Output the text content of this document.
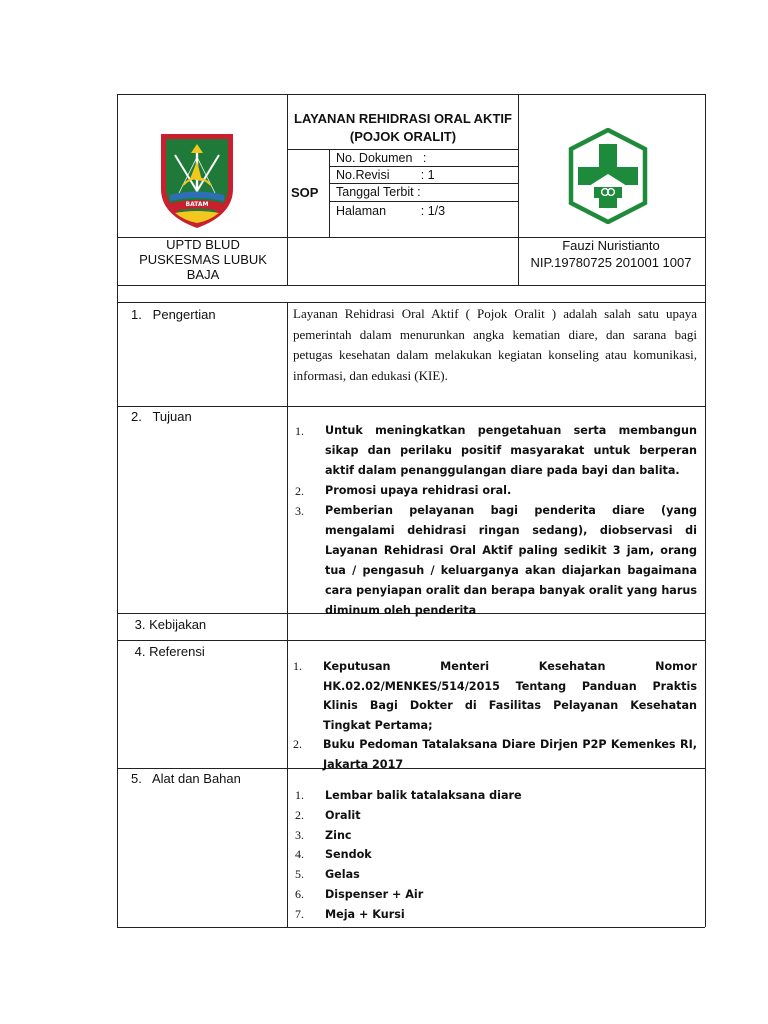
BATAM
LAYANAN REHIDRASI ORAL AKTIF (POJOK ORALIT)
SOP
No. Dokumen   :
No.Revisi         : 1
Tanggal Terbit :
Halaman          : 1/3
UPTD BLUD
PUSKESMAS LUBUK
BAJA
Fauzi Nuristianto
NIP.19780725 201001 1007
1.   Pengertian
2.   Tujuan
3. Kebijakan
4. Referensi
5.   Alat dan Bahan
Layanan Rehidrasi Oral Aktif ( Pojok Oralit ) adalah salah satu upaya pemerintah dalam menurunkan angka kematian diare, dan sarana bagi petugas kesehatan dalam melakukan kegiatan konseling atau komunikasi, informasi, dan edukasi (KIE).
1. Untuk meningkatkan pengetahuan serta membangun sikap dan perilaku positif masyarakat untuk berperan aktif dalam penanggulangan diare pada bayi dan balita.
2. Promosi upaya rehidrasi oral.
3. Pemberian pelayanan bagi penderita diare (yang mengalami dehidrasi ringan sedang), diobservasi di Layanan Rehidrasi Oral Aktif paling sedikit 3 jam, orang tua / pengasuh / keluarganya akan diajarkan bagaimana cara penyiapan oralit dan berapa banyak oralit yang harus diminum oleh penderita
1. Keputusan Menteri Kesehatan Nomor HK.02.02/MENKES/514/2015 Tentang Panduan Praktis Klinis Bagi Dokter di Fasilitas Pelayanan Kesehatan Tingkat Pertama;
2. Buku Pedoman Tatalaksana Diare Dirjen P2P Kemenkes RI, Jakarta 2017
1. Lembar balik tatalaksana diare
2. Oralit
3. Zinc
4. Sendok
5. Gelas
6. Dispenser + Air
7. Meja + Kursi
